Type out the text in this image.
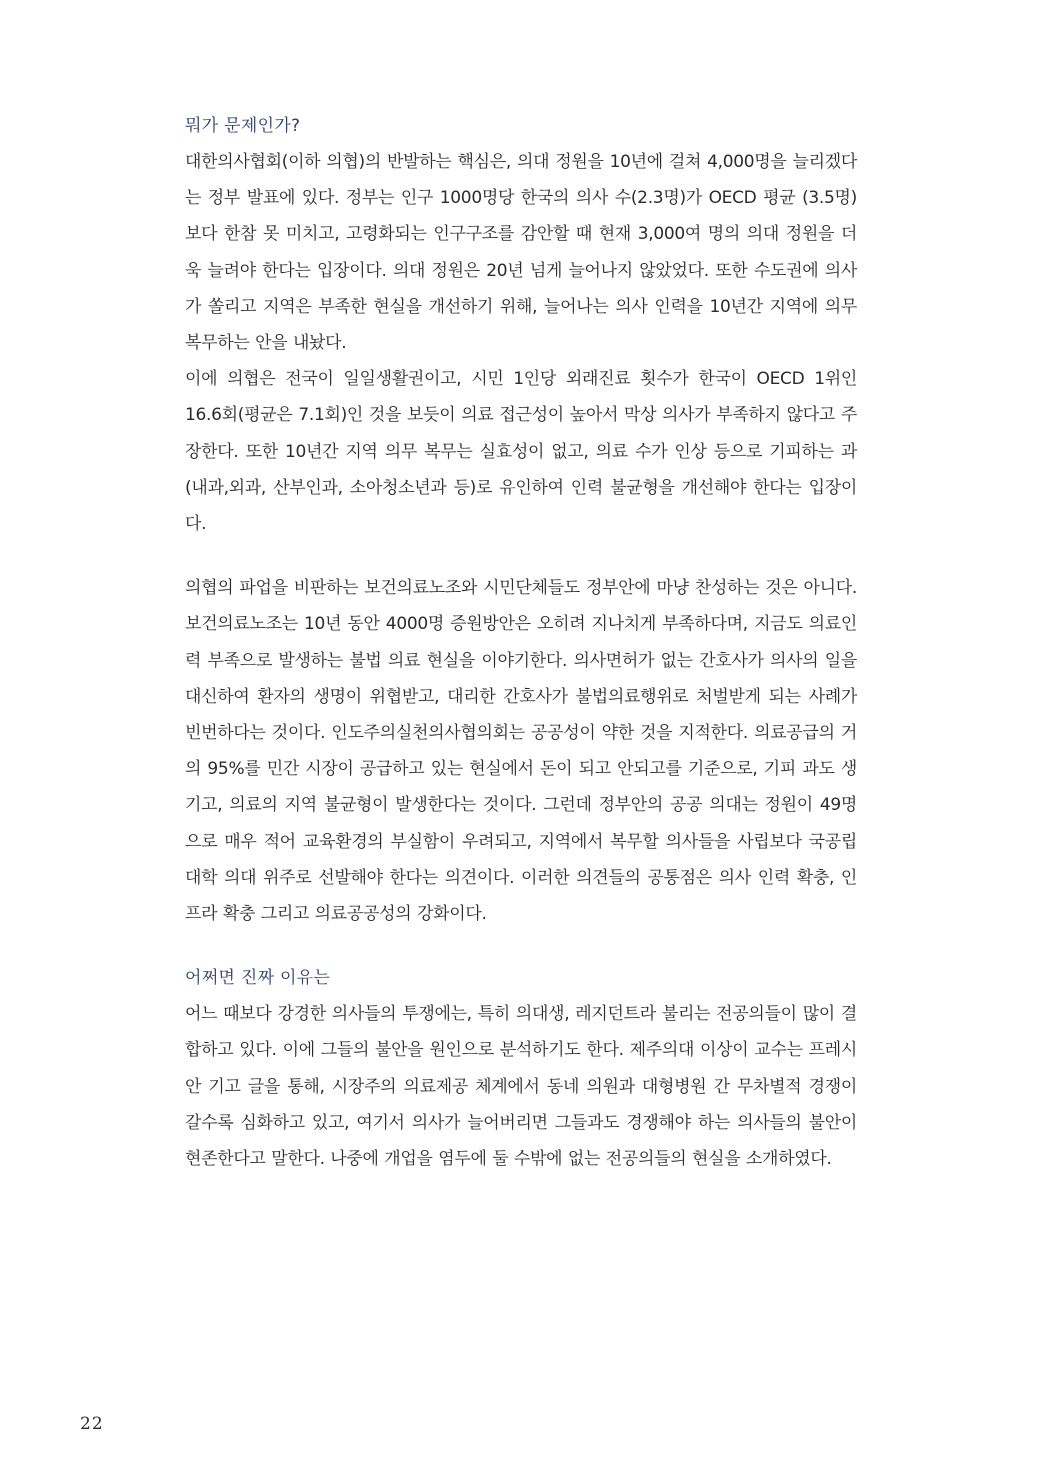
뭐가 문제인가?

대한의사협회(이하 의협)의 반발하는 핵심은, 의대 정원을 10년에 걸쳐 4,000명을 늘리겠다는 정부 발표에 있다. 정부는 인구 1000명당 한국의 의사 수(2.3명)가 OECD 평균 (3.5명)보다 한참 못 미치고, 고령화되는 인구구조를 감안할 때 현재 3,000여 명의 의대 정원을 더욱 늘려야 한다는 입장이다. 의대 정원은 20년 넘게 늘어나지 않았었다. 또한 수도권에 의사가 쏠리고 지역은 부족한 현실을 개선하기 위해, 늘어나는 의사 인력을 10년간 지역에 의무 복무하는 안을 내놨다.

이에 의협은 전국이 일일생활권이고, 시민 1인당 외래진료 횟수가 한국이 OECD 1위인 16.6회(평균은 7.1회)인 것을 보듯이 의료 접근성이 높아서 막상 의사가 부족하지 않다고 주장한다. 또한 10년간 지역 의무 복무는 실효성이 없고, 의료 수가 인상 등으로 기피하는 과(내과,외과, 산부인과, 소아청소년과 등)로 유인하여 인력 불균형을 개선해야 한다는 입장이다.

의협의 파업을 비판하는 보건의료노조와 시민단체들도 정부안에 마냥 찬성하는 것은 아니다. 보건의료노조는 10년 동안 4000명 증원방안은 오히려 지나치게 부족하다며, 지금도 의료인력 부족으로 발생하는 불법 의료 현실을 이야기한다. 의사면허가 없는 간호사가 의사의 일을 대신하여 환자의 생명이 위협받고, 대리한 간호사가 불법의료행위로 처벌받게 되는 사례가 빈번하다는 것이다. 인도주의실천의사협의회는 공공성이 약한 것을 지적한다. 의료공급의 거의 95%를 민간 시장이 공급하고 있는 현실에서 돈이 되고 안되고를 기준으로, 기피 과도 생기고, 의료의 지역 불균형이 발생한다는 것이다. 그런데 정부안의 공공 의대는 정원이 49명으로 매우 적어 교육환경의 부실함이 우려되고, 지역에서 복무할 의사들을 사립보다 국공립대학 의대 위주로 선발해야 한다는 의견이다. 이러한 의견들의 공통점은 의사 인력 확충, 인프라 확충 그리고 의료공공성의 강화이다.

어쩌면 진짜 이유는

어느 때보다 강경한 의사들의 투쟁에는, 특히 의대생, 레지던트라 불리는 전공의들이 많이 결합하고 있다. 이에 그들의 불안을 원인으로 분석하기도 한다. 제주의대 이상이 교수는 프레시안 기고 글을 통해, 시장주의 의료제공 체계에서 동네 의원과 대형병원 간 무차별적 경쟁이 갈수록 심화하고 있고, 여기서 의사가 늘어버리면 그들과도 경쟁해야 하는 의사들의 불안이 현존한다고 말한다. 나중에 개업을 염두에 둘 수밖에 없는 전공의들의 현실을 소개하였다.

22
